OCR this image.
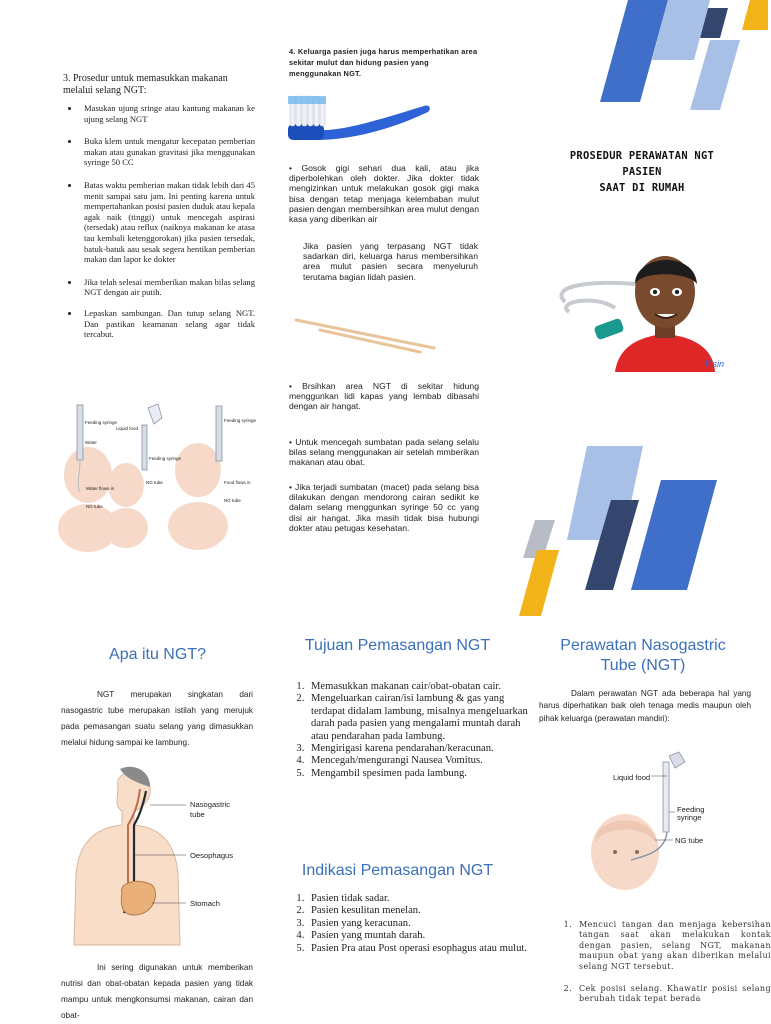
3. Prosedur untuk memasukkan makanan melalui selang NGT:
• Masukan ujung sringe atau kantung makanan ke ujung selang NGT
• Buka klem untuk mengatur kecepatan pemberian makan atau gunakan gravitasi jika menggunakan syringe 50 CC
• Batas waktu pemberian makan tidak lebih dari 45 menit sampai satu jam. Ini penting karena untuk mempertahankan posisi pasien duduk atau kepala agak naik (tinggi) untuk mencegah aspirasi (tersedak) atau reflux (naiknya makanan ke atasa tau kembali ketenggorokan) jika pasien tersedak, batuk-batuk aau sesak segera hentikan pemberian makan dan lapor ke dokter
• Jika telah selesai memberikan makan bilas selang NGT dengan air putih.
• Lepaskan sambungan. Dan tutup selang NGT. Dan pastikan keamanan selang agar tidak tercabut.
Feeding syringe
Water
Liquid food
Feeding syringe
Water flows in
NG tube
NG tube
Feeding syringe
Food flows in
NG tube
4. Keluarga pasien juga harus memperhatikan area sekitar mulut dan hidung pasien yang menggunakan NGT.
• Gosok gigi sehari dua kali, atau jika diperbolehkan oleh dokter. Jika dokter tidak mengizinkan untuk melakukan gosok gigi maka bisa dengan tetap menjaga kelembaban mulut pasien dengan membersihkan area mulut dengan kasa yang diberikan air
Jika pasien yang terpasang NGT tidak sadarkan diri, keluarga harus membersihkan area mulut pasien secara menyeluruh terutama bagian lidah pasien.
• Brsihkan area NGT di sekitar hidung menggunkan lidi kapas yang lembab dibasahi dengan air hangat.
• Untuk mencegah sumbatan pada selang selalu bilas selang menggunakan air setelah mmberikan makanan atau obat.
• Jika terjadi sumbatan (macet) pada selang bisa dilakukan dengan mendorong cairan sedikit ke dalam selang menggunkan syringe 50 cc yang disi air hangat. Jika masih tidak bisa hubungi dokter atau petugas kesehatan.
PROSEDUR PERAWATAN NGT
PASIEN
SAAT DI RUMAH
Fisin
Apa itu NGT?
NGT merupakan singkatan dari nasogastric tube merupakan istilah yang merujuk pada pemasangan suatu selang yang dimasukkan melalui hidung sampai ke lambung.
Nasogastric
tube
Oesophagus
Stomach
Ini sering digunakan untuk memberikan nutrisi dan obat-obatan kepada pasien yang tidak mampu untuk mengkonsumsi makanan, cairan dan obat-
Tujuan Pemasangan NGT
1. Memasukkan makanan cair/obat-obatan cair.
2. Mengeluarkan cairan/isi lambung & gas yang terdapat didalam lambung, misalnya mengeluarkan darah pada pasien yang mengalami muntah darah atau pendarahan pada lambung.
3. Mengirigasi karena pendarahan/keracunan.
4. Mencegah/mengurangi Nausea Vomitus.
5. Mengambil spesimen pada lambung.
Indikasi Pemasangan NGT
1. Pasien tidak sadar.
2. Pasien kesulitan menelan.
3. Pasien yang keracunan.
4. Pasien yang muntah darah.
5. Pasien Pra atau Post operasi esophagus atau mulut.
Perawatan Nasogastric
Tube (NGT)
Dalam perawatan NGT ada beberapa hal yang harus diperhatikan baik oleh tenaga medis maupun oleh pihak keluarga (perawatan mandiri):
Liquid food
Feeding
syringe
NG tube
1. Mencuci tangan dan menjaga kebersihan tangan saat akan melakukan kontak dengan pasien, selang NGT, makanan maupun obat yang akan diberikan melalui selang NGT tersebut.
2. Cek posisi selang. Khawatir posisi selang berubah tidak tepat berada
